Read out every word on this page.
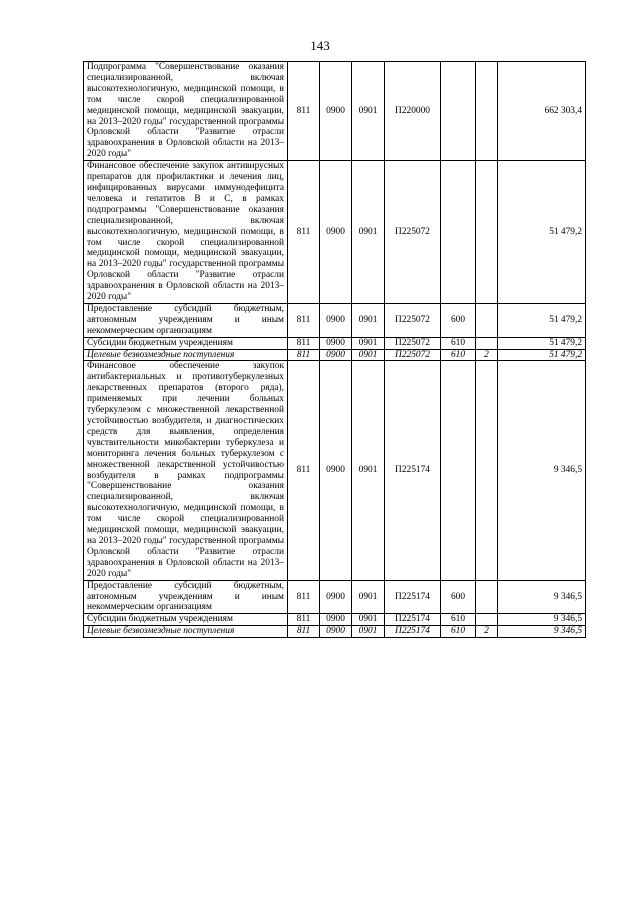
143
Подпрограмма "Совершенствование оказания специализированной, включая высокотехнологичную, медицинской помощи, в том числе скорой специализированной медицинской помощи, медицинской эвакуации, на 2013–2020 годы" государственной программы Орловской области "Развитие отрасли здравоохранения в Орловской области на 2013–2020 годы"	811	0900	0901	П220000			662 303,4
Финансовое обеспечение закупок антивирусных препаратов для профилактики и лечения лиц, инфицированных вирусами иммунодефицита человека и гепатитов В и С, в рамках подпрограммы "Совершенствование оказания специализированной, включая высокотехнологичную, медицинской помощи, в том числе скорой специализированной медицинской помощи, медицинской эвакуации, на 2013–2020 годы" государственной программы Орловской области "Развитие отрасли здравоохранения в Орловской области на 2013–2020 годы"	811	0900	0901	П225072			51 479,2
Предоставление субсидий бюджетным, автономным учреждениям и иным некоммерческим организациям	811	0900	0901	П225072	600		51 479,2
Субсидии бюджетным учреждениям	811	0900	0901	П225072	610		51 479,2
Целевые безвозмездные поступления	811	0900	0901	П225072	610	2	51 479,2
Финансовое обеспечение закупок антибактериальных и противотуберкулезных лекарственных препаратов (второго ряда), применяемых при лечении больных туберкулезом с множественной лекарственной устойчивостью возбудителя, и диагностических средств для выявления, определения чувствительности микобактерии туберкулеза и мониторинга лечения больных туберкулезом с множественной лекарственной устойчивостью возбудителя в рамках подпрограммы "Совершенствование оказания специализированной, включая высокотехнологичную, медицинской помощи, в том числе скорой специализированной медицинской помощи, медицинской эвакуации, на 2013–2020 годы" государственной программы Орловской области "Развитие отрасли здравоохранения в Орловской области на 2013–2020 годы"	811	0900	0901	П225174			9 346,5
Предоставление субсидий бюджетным, автономным учреждениям и иным некоммерческим организациям	811	0900	0901	П225174	600		9 346,5
Субсидии бюджетным учреждениям	811	0900	0901	П225174	610		9 346,5
Целевые безвозмездные поступления	811	0900	0901	П225174	610	2	9 346,5
